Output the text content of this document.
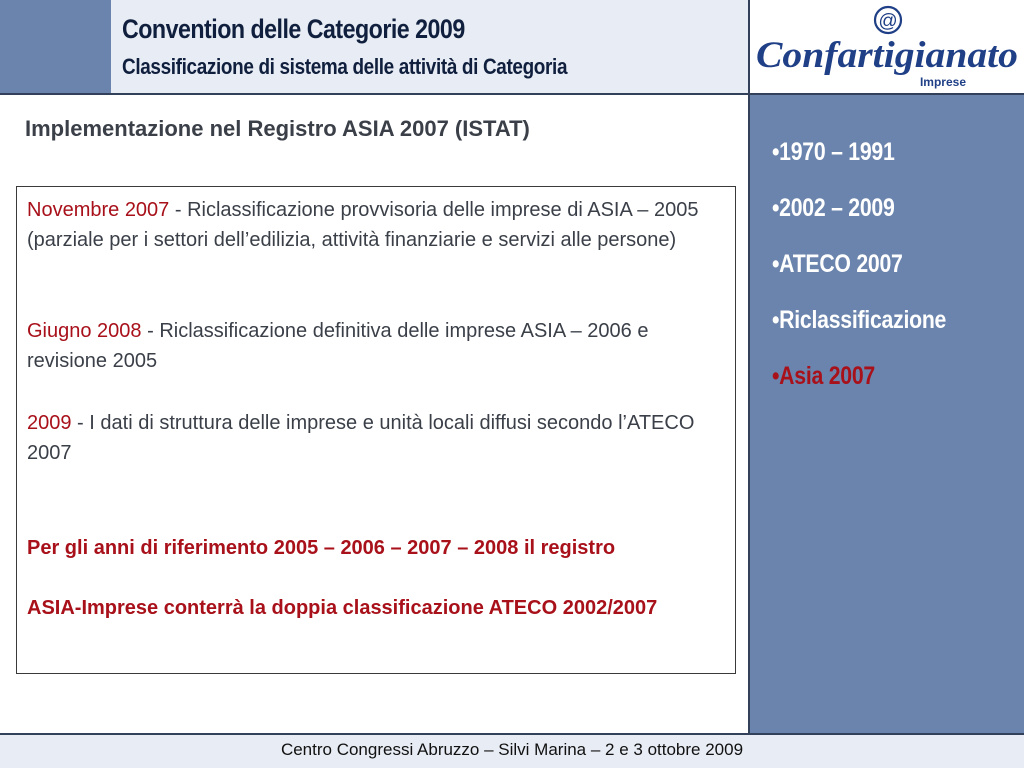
Convention delle Categorie 2009
Classificazione di sistema delle attività di Categoria
@
Confartigianato
Imprese
•1970 – 1991
•2002 – 2009
•ATECO 2007
•Riclassificazione
•Asia 2007
Implementazione nel Registro ASIA 2007 (ISTAT)
Novembre 2007 - Riclassificazione provvisoria delle imprese di ASIA – 2005 (parziale per i settori dell’edilizia, attività finanziarie e servizi alle persone)
Giugno 2008 - Riclassificazione definitiva delle imprese ASIA – 2006 e revisione 2005
2009 - I dati di struttura delle imprese e unità locali diffusi secondo l’ATECO 2007
Per gli anni di riferimento 2005 – 2006 – 2007 – 2008 il registro
ASIA-Imprese conterrà la doppia classificazione ATECO 2002/2007
Centro Congressi Abruzzo – Silvi Marina – 2 e 3 ottobre 2009
